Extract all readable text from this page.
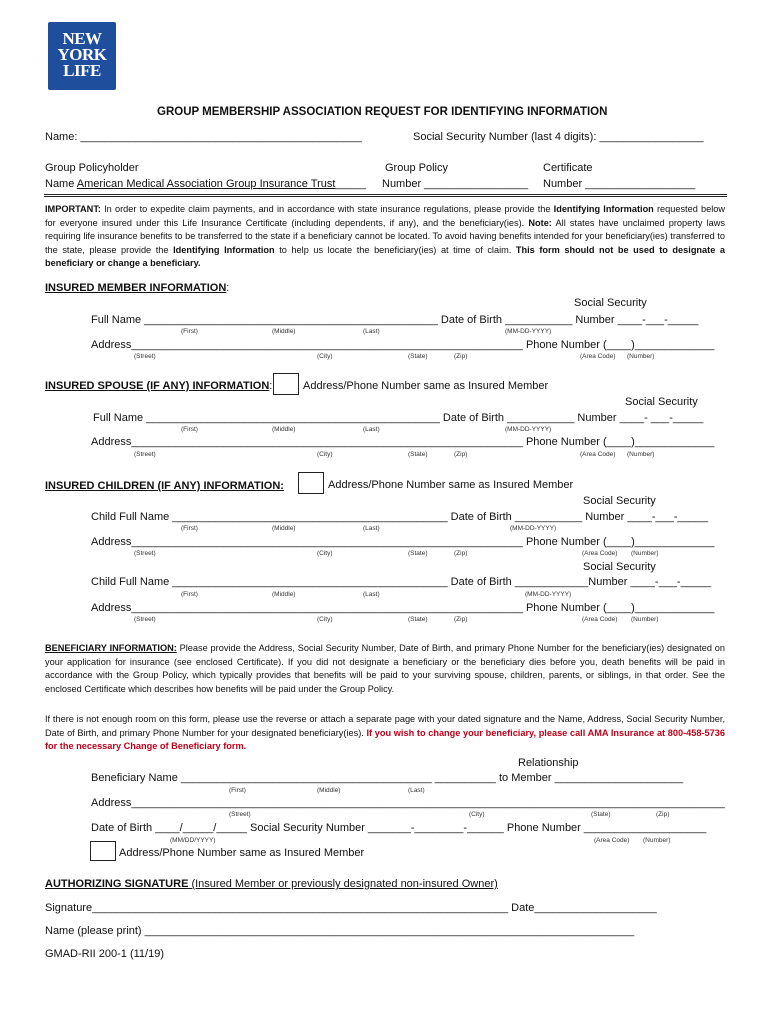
NEW
YORK
LIFE
GROUP MEMBERSHIP ASSOCIATION REQUEST FOR IDENTIFYING INFORMATION
Name: ______________________________________________	Social Security Number (last 4 digits): _________________
Group Policyholder
Name American Medical Association Group Insurance Trust_____
Group Policy
Number _________________
Certificate
Number __________________
IMPORTANT: In order to expedite claim payments, and in accordance with state insurance regulations, please provide the Identifying Information requested below for everyone insured under this Life Insurance Certificate (including dependents, if any), and the beneficiary(ies). Note: All states have unclaimed property laws requiring life insurance benefits to be transferred to the state if a beneficiary cannot be located. To avoid having benefits intended for your beneficiary(ies) transferred to the state, please provide the Identifying Information to help us locate the beneficiary(ies) at time of claim. This form should not be used to designate a beneficiary or change a beneficiary.
INSURED MEMBER INFORMATION:
Social Security
Full Name ________________________________________________ Date of Birth ___________ Number ____-___-_____
(First)	(Middle)	(Last)	(MM-DD-YYYY)
Address________________________________________________________________ Phone Number (____)_____________
(Street)	(City)	(State)	(Zip)	(Area Code) (Number)
INSURED SPOUSE (IF ANY) INFORMATION:	Address/Phone Number same as Insured Member
Social Security
Full Name ________________________________________________ Date of Birth ___________ Number ____- ___-_____
(First)	(Middle)	(Last)	(MM-DD-YYYY)
Address________________________________________________________________ Phone Number (____)_____________
(Street)	(City)	(State)	(Zip)	(Area Code) (Number)
INSURED CHILDREN (IF ANY) INFORMATION:	Address/Phone Number same as Insured Member
Social Security
Child Full Name _____________________________________________ Date of Birth ___________ Number ____-___-_____
(First)	(Middle)	(Last)	(MM-DD-YYYY)
Address________________________________________________________________ Phone Number (____)_____________
(Street)	(City)	(State)	(Zip)	(Area Code) (Number)
Social Security
Child Full Name _____________________________________________ Date of Birth ____________Number ____-___-_____
(First)	(Middle)	(Last)	(MM-DD-YYYY)
Address________________________________________________________________ Phone Number (____)_____________
(Street)	(City)	(State)	(Zip)	(Area Code) (Number)
BENEFICIARY INFORMATION: Please provide the Address, Social Security Number, Date of Birth, and primary Phone Number for the beneficiary(ies) designated on your application for insurance (see enclosed Certificate). If you did not designate a beneficiary or the beneficiary dies before you, death benefits will be paid in accordance with the Group Policy, which typically provides that benefits will be paid to your surviving spouse, children, parents, or siblings, in that order. See the enclosed Certificate which describes how benefits will be paid under the Group Policy.
If there is not enough room on this form, please use the reverse or attach a separate page with your dated signature and the Name, Address, Social Security Number, Date of Birth, and primary Phone Number for your designated beneficiary(ies). If you wish to change your beneficiary, please call AMA Insurance at 800-458-5736 for the necessary Change of Beneficiary form.
Relationship
Beneficiary Name _________________________________________ __________ to Member _____________________
(First)	(Middle)	(Last)
Address_________________________________________________________________________________________________
(Street)	(City)	(State)	(Zip)
Date of Birth ____/_____/_____ Social Security Number _______-________-______ Phone Number ____________________
(MM/DD/YYYY)	(Area Code) (Number)
Address/Phone Number same as Insured Member
AUTHORIZING SIGNATURE (Insured Member or previously designated non-insured Owner)
Signature____________________________________________________________________ Date____________________
Name (please print) ________________________________________________________________________________
GMAD-RII 200-1 (11/19)
